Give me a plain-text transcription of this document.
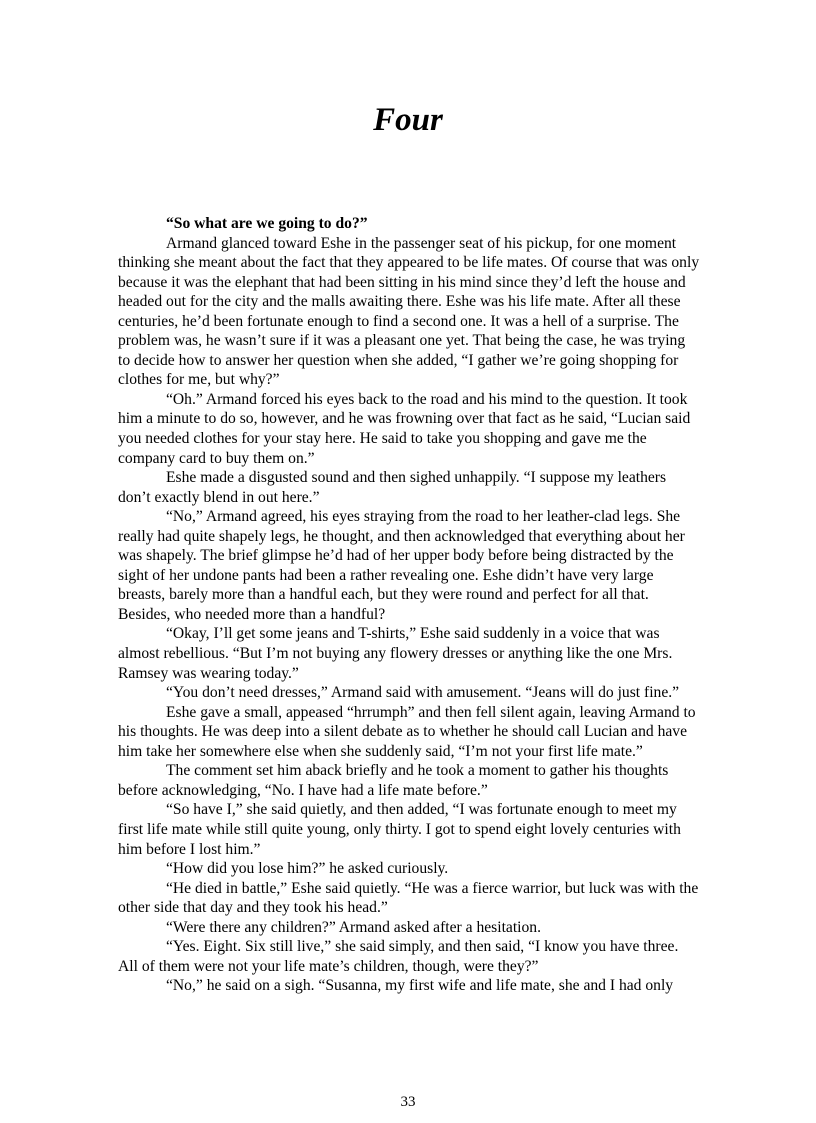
Four

“So what are we going to do?”

Armand glanced toward Eshe in the passenger seat of his pickup, for one moment thinking she meant about the fact that they appeared to be life mates. Of course that was only because it was the elephant that had been sitting in his mind since they’d left the house and headed out for the city and the malls awaiting there. Eshe was his life mate. After all these centuries, he’d been fortunate enough to find a second one. It was a hell of a surprise. The problem was, he wasn’t sure if it was a pleasant one yet. That being the case, he was trying to decide how to answer her question when she added, “I gather we’re going shopping for clothes for me, but why?”

“Oh.” Armand forced his eyes back to the road and his mind to the question. It took him a minute to do so, however, and he was frowning over that fact as he said, “Lucian said you needed clothes for your stay here. He said to take you shopping and gave me the company card to buy them on.”

Eshe made a disgusted sound and then sighed unhappily. “I suppose my leathers don’t exactly blend in out here.”

“No,” Armand agreed, his eyes straying from the road to her leather-clad legs. She really had quite shapely legs, he thought, and then acknowledged that everything about her was shapely. The brief glimpse he’d had of her upper body before being distracted by the sight of her undone pants had been a rather revealing one. Eshe didn’t have very large breasts, barely more than a handful each, but they were round and perfect for all that. Besides, who needed more than a handful?

“Okay, I’ll get some jeans and T-shirts,” Eshe said suddenly in a voice that was almost rebellious. “But I’m not buying any flowery dresses or anything like the one Mrs. Ramsey was wearing today.”

“You don’t need dresses,” Armand said with amusement. “Jeans will do just fine.”

Eshe gave a small, appeased “hrrumph” and then fell silent again, leaving Armand to his thoughts. He was deep into a silent debate as to whether he should call Lucian and have him take her somewhere else when she suddenly said, “I’m not your first life mate.”

The comment set him aback briefly and he took a moment to gather his thoughts before acknowledging, “No. I have had a life mate before.”

“So have I,” she said quietly, and then added, “I was fortunate enough to meet my first life mate while still quite young, only thirty. I got to spend eight lovely centuries with him before I lost him.”

“How did you lose him?” he asked curiously.

“He died in battle,” Eshe said quietly. “He was a fierce warrior, but luck was with the other side that day and they took his head.”

“Were there any children?” Armand asked after a hesitation.

“Yes. Eight. Six still live,” she said simply, and then said, “I know you have three. All of them were not your life mate’s children, though, were they?”

“No,” he said on a sigh. “Susanna, my first wife and life mate, she and I had only

33
